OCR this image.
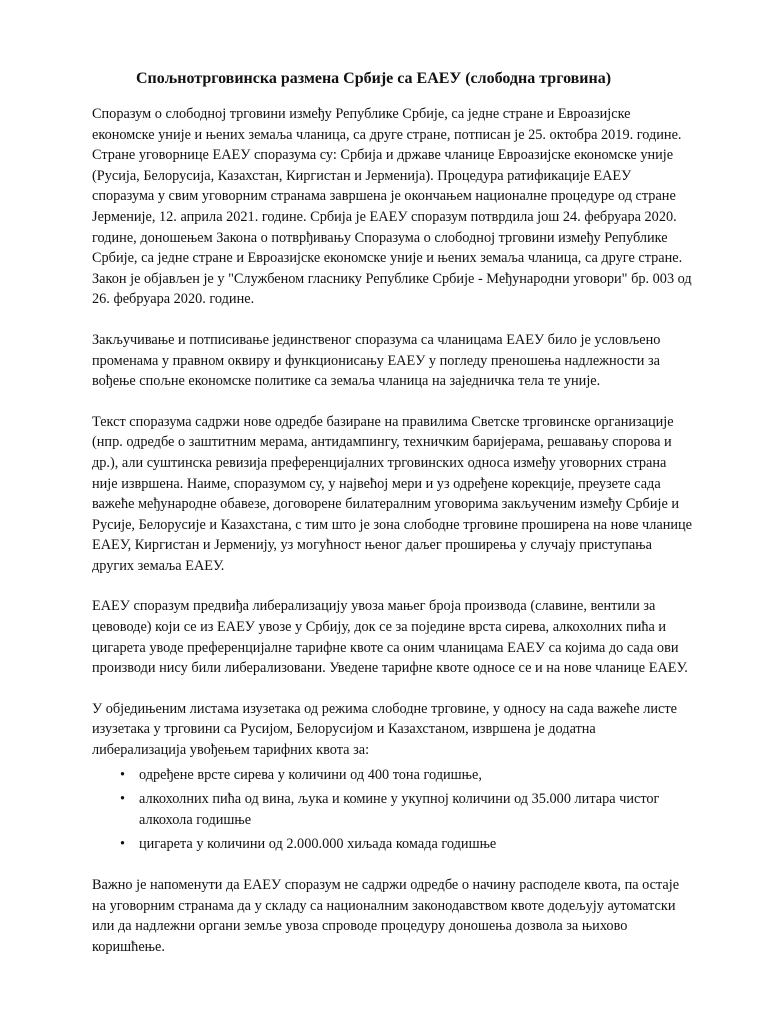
Спољнотрговинска размена Србије са ЕАЕУ (слободна трговина)

Споразум о слободној трговини између Републике Србије, са једне стране и Евроазијске економске уније и њених земаља чланица, са друге стране, потписан је 25. октобра 2019. године. Стране уговорнице ЕАЕУ споразума су: Србија и државе чланице Евроазијске економске уније (Русија, Белорусија, Казахстан, Киргистан и Јерменија). Процедура ратификације ЕАЕУ споразума у свим уговорним странама завршена је окончањем националне процедуре од стране Јерменије, 12. априла 2021. године. Србија је ЕАЕУ споразум потврдила још 24. фебруара 2020. године, доношењем Закона о потврђивању Споразума о слободној трговини између Републике Србије, са једне стране и Евроазијске економске уније и њених земаља чланица, са друге стране. Закон је објављен је у "Службеном гласнику Републике Србије - Међународни уговори" бр. 003 од 26. фебруара 2020. године.

Закључивање и потписивање јединственог споразума са чланицама ЕАЕУ било је условљено променама у правном оквиру и функционисању ЕАЕУ у погледу преношења надлежности за вођење спољне економске политике са земаља чланица на заједничка тела те уније.

Текст споразума садржи нове одредбе базиране на правилима Светске трговинске организације (нпр. одредбе о заштитним мерама, антидампингу, техничким баријерама, решавању спорова и др.), али суштинска ревизија преференцијалних трговинских односа између уговорних страна није извршена. Наиме, споразумом су, у највећој мери и уз одређене корекције, преузете сада важеће међународне обавезе, договорене билатералним уговорима закљученим између Србије и Русије, Белорусије и Казахстана, с тим што је зона слободне трговине проширена на нове чланице ЕАЕУ, Киргистан и Јерменију, уз могућност њеног даљег проширења у случају приступања других земаља ЕАЕУ.

ЕАЕУ споразум предвиђа либерализацију увоза мањег броја производа (славине, вентили за цевоводе) који се из ЕАЕУ увозе у Србију, док се за поједине врста сирева, алкохолних пића и цигарета уводе преференцијалне тарифне квоте са оним чланицама ЕАЕУ са којима до сада ови производи нису били либерализовани. Уведене тарифне квоте односе се и на нове чланице ЕАЕУ.

У обједињеним листама изузетака од режима слободне трговине, у односу на сада важеће листе изузетака у трговини са Русијом, Белорусијом и Казахстаном, извршена је додатна либерализација увођењем тарифних квота за:

• одређене врсте сирева у количини од 400 тона годишње,
• алкохолних пића од вина, љука и комине у укупној количини од 35.000 литара чистог алкохола годишње
• цигарета у количини од 2.000.000 хиљада комада годишње

Важно је напоменути да ЕАЕУ споразум не садржи одредбе о начину расподеле квота, па остаје на уговорним странама да у складу са националним законодавством квоте додељују аутоматски или да надлежни органи земље увоза спроводе процедуру доношења дозвола за њихово коришћење.
